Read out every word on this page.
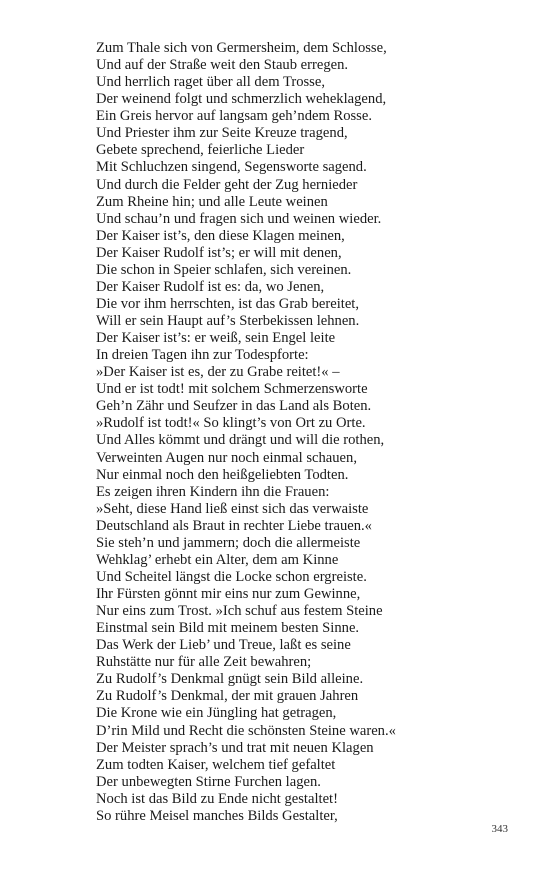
Zum Thale sich von Germersheim, dem Schlosse,
Und auf der Straße weit den Staub erregen.
Und herrlich raget über all dem Trosse,
Der weinend folgt und schmerzlich weheklagend,
Ein Greis hervor auf langsam geh’ndem Rosse.
Und Priester ihm zur Seite Kreuze tragend,
Gebete sprechend, feierliche Lieder
Mit Schluchzen singend, Segensworte sagend.
Und durch die Felder geht der Zug hernieder
Zum Rheine hin; und alle Leute weinen
Und schau’n und fragen sich und weinen wieder.
Der Kaiser ist’s, den diese Klagen meinen,
Der Kaiser Rudolf ist’s; er will mit denen,
Die schon in Speier schlafen, sich vereinen.
Der Kaiser Rudolf ist es: da, wo Jenen,
Die vor ihm herrschten, ist das Grab bereitet,
Will er sein Haupt auf’s Sterbekissen lehnen.
Der Kaiser ist’s: er weiß, sein Engel leite
In dreien Tagen ihn zur Todespforte:
»Der Kaiser ist es, der zu Grabe reitet!« –
Und er ist todt! mit solchem Schmerzensworte
Geh’n Zähr und Seufzer in das Land als Boten.
»Rudolf ist todt!« So klingt’s von Ort zu Orte.
Und Alles kömmt und drängt und will die rothen,
Verweinten Augen nur noch einmal schauen,
Nur einmal noch den heißgeliebten Todten.
Es zeigen ihren Kindern ihn die Frauen:
»Seht, diese Hand ließ einst sich das verwaiste
Deutschland als Braut in rechter Liebe trauen.«
Sie steh’n und jammern; doch die allermeiste
Wehklag’ erhebt ein Alter, dem am Kinne
Und Scheitel längst die Locke schon ergreiste.
Ihr Fürsten gönnt mir eins nur zum Gewinne,
Nur eins zum Trost. »Ich schuf aus festem Steine
Einstmal sein Bild mit meinem besten Sinne.
Das Werk der Lieb’ und Treue, laßt es seine
Ruhstätte nur für alle Zeit bewahren;
Zu Rudolf’s Denkmal gnügt sein Bild alleine.
Zu Rudolf’s Denkmal, der mit grauen Jahren
Die Krone wie ein Jüngling hat getragen,
D’rin Mild und Recht die schönsten Steine waren.«
Der Meister sprach’s und trat mit neuen Klagen
Zum todten Kaiser, welchem tief gefaltet
Der unbewegten Stirne Furchen lagen.
Noch ist das Bild zu Ende nicht gestaltet!
So rühre Meisel manches Bilds Gestalter,
343
